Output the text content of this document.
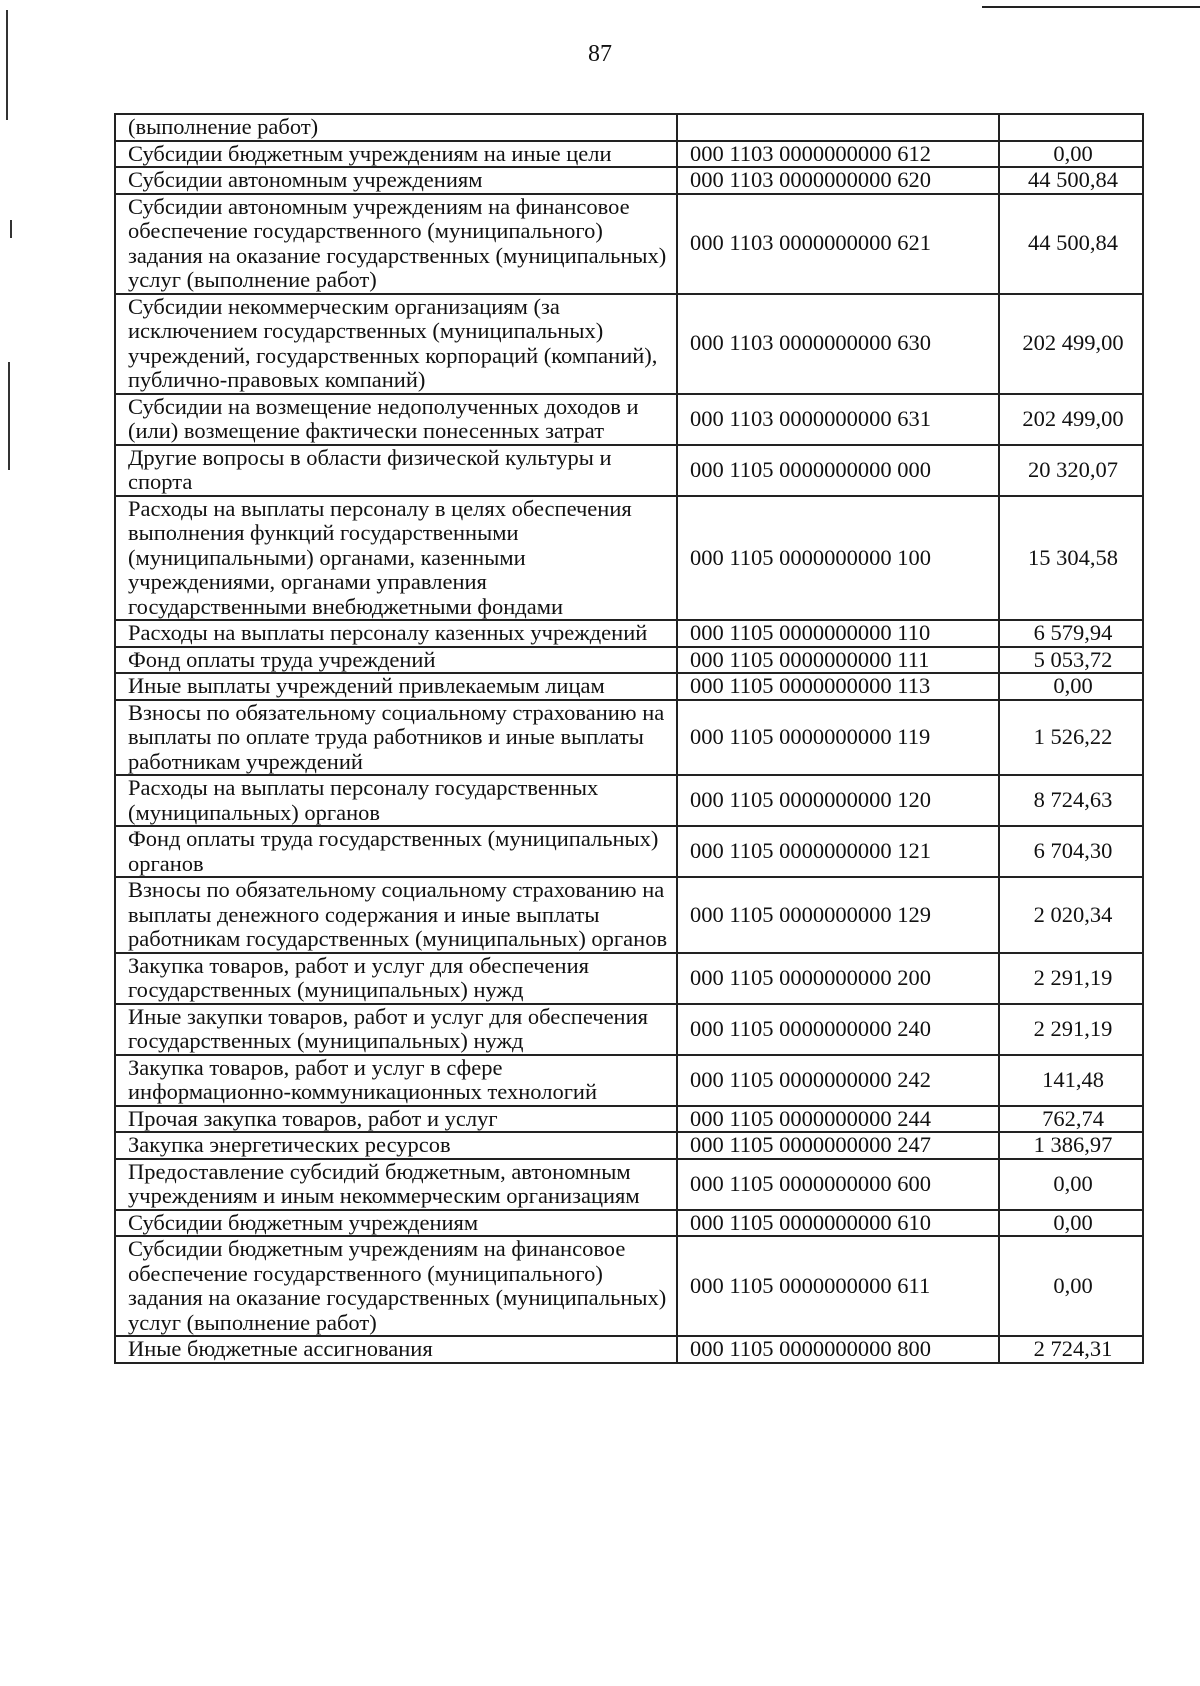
87
(выполнение работ)		
Субсидии бюджетным учреждениям на иные цели	000 1103 0000000000 612	0,00
Субсидии автономным учреждениям	000 1103 0000000000 620	44 500,84
Субсидии автономным учреждениям на финансовое обеспечение государственного (муниципального) задания на оказание государственных (муниципальных) услуг (выполнение работ)	000 1103 0000000000 621	44 500,84
Субсидии некоммерческим организациям (за исключением государственных (муниципальных) учреждений, государственных корпораций (компаний), публично-правовых компаний)	000 1103 0000000000 630	202 499,00
Субсидии на возмещение недополученных доходов и (или) возмещение фактически понесенных затрат	000 1103 0000000000 631	202 499,00
Другие вопросы в области физической культуры и спорта	000 1105 0000000000 000	20 320,07
Расходы на выплаты персоналу в целях обеспечения выполнения функций государственными (муниципальными) органами, казенными учреждениями, органами управления государственными внебюджетными фондами	000 1105 0000000000 100	15 304,58
Расходы на выплаты персоналу казенных учреждений	000 1105 0000000000 110	6 579,94
Фонд оплаты труда учреждений	000 1105 0000000000 111	5 053,72
Иные выплаты учреждений привлекаемым лицам	000 1105 0000000000 113	0,00
Взносы по обязательному социальному страхованию на выплаты по оплате труда работников и иные выплаты работникам учреждений	000 1105 0000000000 119	1 526,22
Расходы на выплаты персоналу государственных (муниципальных) органов	000 1105 0000000000 120	8 724,63
Фонд оплаты труда государственных (муниципальных) органов	000 1105 0000000000 121	6 704,30
Взносы по обязательному социальному страхованию на выплаты денежного содержания и иные выплаты работникам государственных (муниципальных) органов	000 1105 0000000000 129	2 020,34
Закупка товаров, работ и услуг для обеспечения государственных (муниципальных) нужд	000 1105 0000000000 200	2 291,19
Иные закупки товаров, работ и услуг для обеспечения государственных (муниципальных) нужд	000 1105 0000000000 240	2 291,19
Закупка товаров, работ и услуг в сфере информационно-коммуникационных технологий	000 1105 0000000000 242	141,48
Прочая закупка товаров, работ и услуг	000 1105 0000000000 244	762,74
Закупка энергетических ресурсов	000 1105 0000000000 247	1 386,97
Предоставление субсидий бюджетным, автономным учреждениям и иным некоммерческим организациям	000 1105 0000000000 600	0,00
Субсидии бюджетным учреждениям	000 1105 0000000000 610	0,00
Субсидии бюджетным учреждениям на финансовое обеспечение государственного (муниципального) задания на оказание государственных (муниципальных) услуг (выполнение работ)	000 1105 0000000000 611	0,00
Иные бюджетные ассигнования	000 1105 0000000000 800	2 724,31
